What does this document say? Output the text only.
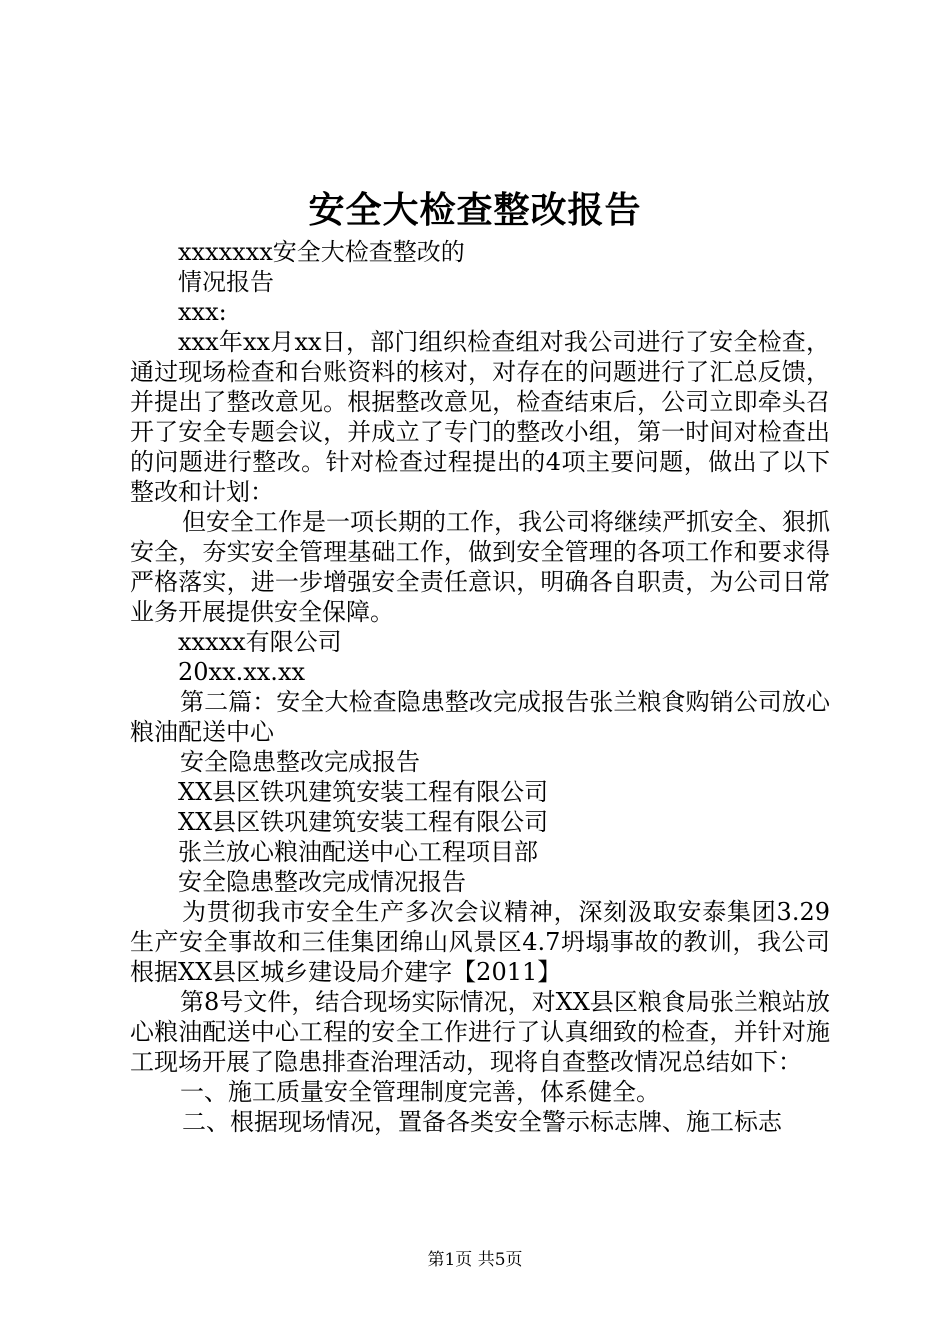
安全大检查整改报告

xxxxxxx安全大检查整改的

情况报告

xxx:

xxx年xx月xx日，部门组织检查组对我公司进行了安全检查，通过现场检查和台账资料的核对，对存在的问题进行了汇总反馈，并提出了整改意见。根据整改意见，检查结束后，公司立即牵头召开了安全专题会议，并成立了专门的整改小组，第一时间对检查出的问题进行整改。针对检查过程提出的4项主要问题，做出了以下整改和计划：

但安全工作是一项长期的工作，我公司将继续严抓安全、狠抓安全，夯实安全管理基础工作，做到安全管理的各项工作和要求得严格落实，进一步增强安全责任意识，明确各自职责，为公司日常业务开展提供安全保障。

xxxxx有限公司

20xx.xx.xx

第二篇：安全大检查隐患整改完成报告张兰粮食购销公司放心粮油配送中心

安全隐患整改完成报告

XX县区铁巩建筑安装工程有限公司

XX县区铁巩建筑安装工程有限公司

张兰放心粮油配送中心工程项目部

安全隐患整改完成情况报告

为贯彻我市安全生产多次会议精神，深刻汲取安泰集团3.29生产安全事故和三佳集团绵山风景区4.7坍塌事故的教训，我公司根据XX县区城乡建设局介建字【2011】

第8号文件，结合现场实际情况，对XX县区粮食局张兰粮站放心粮油配送中心工程的安全工作进行了认真细致的检查，并针对施工现场开展了隐患排查治理活动，现将自查整改情况总结如下：

一、施工质量安全管理制度完善，体系健全。

二、根据现场情况，置备各类安全警示标志牌、施工标志

第1页 共5页
